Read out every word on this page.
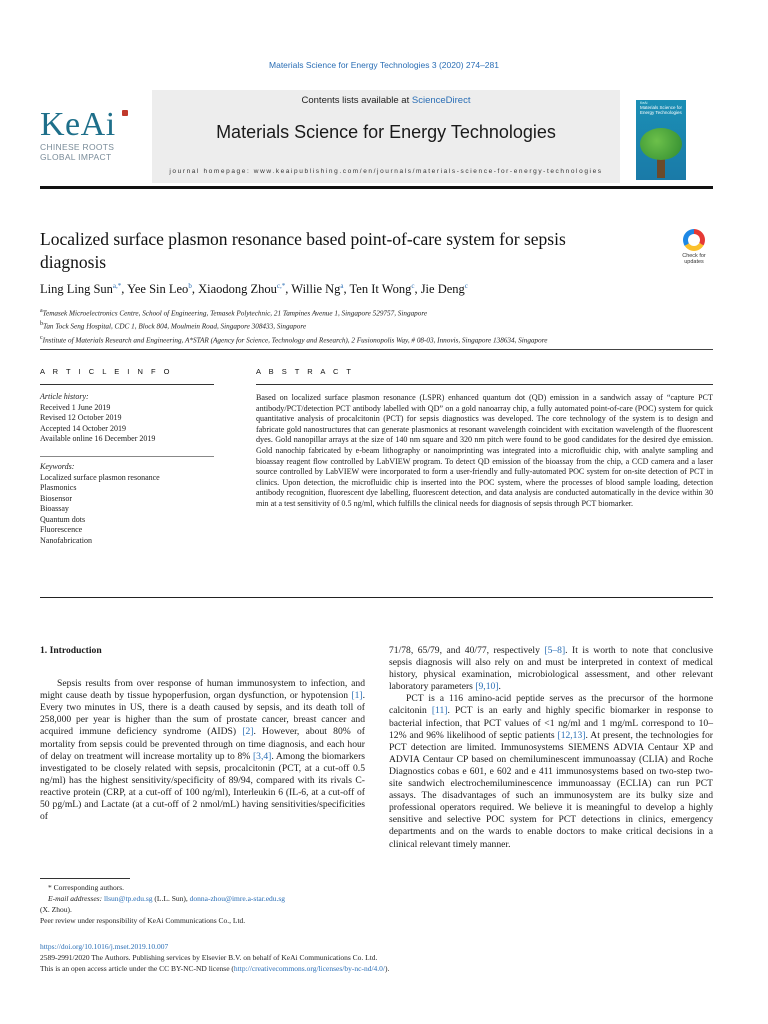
Materials Science for Energy Technologies 3 (2020) 274–281
KeAi
CHINESE ROOTS
GLOBAL IMPACT
Contents lists available at ScienceDirect
Materials Science for Energy Technologies
journal homepage: www.keaipublishing.com/en/journals/materials-science-for-energy-technologies
KeAi
Materials Science for Energy Technologies
Localized surface plasmon resonance based point-of-care system for sepsis diagnosis	Check for
updates
Ling Ling Sun$^{a,*}$, Yee Sin Leo$^b$, Xiaodong Zhou$^{c,*}$, Willie Ng$^a$, Ten It Wong$^c$, Jie Deng$^c$
$^a$Temasek Microelectronics Centre, School of Engineering, Temasek Polytechnic, 21 Tampines Avenue 1, Singapore 529757, Singapore
$^b$Tan Tock Seng Hospital, CDC 1, Block 804, Moulmein Road, Singapore 308433, Singapore
$^c$Institute of Materials Research and Engineering, A*STAR (Agency for Science, Technology and Research), 2 Fusionopolis Way, # 08-03, Innovis, Singapore 138634, Singapore
A R T I C L E I N F O	A B S T R A C T
Article history:
Received 1 June 2019
Revised 12 October 2019
Accepted 14 October 2019
Available online 16 December 2019
Keywords:
Localized surface plasmon resonance
Plasmonics
Biosensor
Bioassay
Quantum dots
Fluorescence
Nanofabrication
Based on localized surface plasmon resonance (LSPR) enhanced quantum dot (QD) emission in a sandwich assay of “capture PCT antibody/PCT/detection PCT antibody labelled with QD” on a gold nanoarray chip, a fully automated point-of-care (POC) system for quick quantitative analysis of procalcitonin (PCT) for sepsis diagnostics was developed. The core technology of the system is to design and fabricate gold nanostructures that can generate plasmonics at resonant wavelength coincident with excitation wavelength of the fluorescent dyes. Gold nanopillar arrays at the size of 140 nm square and 320 nm pitch were found to be good candidates for the desired dye emission. Gold nanochip fabricated by e-beam lithography or nanoimprinting was integrated into a microfluidic chip, with analyte sampling and bioassay reagent flow controlled by LabVIEW program. To detect QD emission of the bioassay from the chip, a CCD camera and a laser source controlled by LabVIEW were incorporated to form a user-friendly and fully-automated POC system for on-site detection of PCT in clinics. Upon detection, the microfluidic chip is inserted into the POC system, where the processes of blood sample loading, detection antibody recognition, fluorescent dye labelling, fluorescent detection, and data analysis are conducted automatically in the device within 30 min at a test sensitivity of 0.5 ng/ml, which fulfills the clinical needs for diagnosis of sepsis through PCT biomarker.
1. Introduction

Sepsis results from over response of human immunosystem to infection, and might cause death by tissue hypoperfusion, organ dysfunction, or hypotension [1]. Every two minutes in US, there is a death caused by sepsis, and its death toll of 258,000 per year is higher than the sum of prostate cancer, breast cancer and acquired immune deficiency syndrome (AIDS) [2]. However, about 80% of mortality from sepsis could be prevented through on time diagnosis, and each hour of delay on treatment will increase mortality up to 8% [3,4]. Among the biomarkers investigated to be closely related with sepsis, procalcitonin (PCT, at a cut-off 0.5 ng/ml) has the highest sensitivity/specificity of 89/94, compared with its rivals C-reactive protein (CRP, at a cut-off of 100 ng/ml), Interleukin 6 (IL-6, at a cut-off of 50 pg/mL) and Lactate (at a cut-off of 2 nmol/mL) having sensitivities/specificities of

71/78, 65/79, and 40/77, respectively [5–8]. It is worth to note that conclusive sepsis diagnosis will also rely on and must be interpreted in context of medical history, physical examination, microbiological assessment, and other relevant laboratory parameters [9,10].

PCT is a 116 amino-acid peptide serves as the precursor of the hormone calcitonin [11]. PCT is an early and highly specific biomarker in response to bacterial infection, that PCT values of <1 ng/ml and 1 mg/mL correspond to 10–12% and 96% likelihood of septic patients [12,13]. At present, the technologies for PCT detection are limited. Immunosystems SIEMENS ADVIA Centaur XP and ADVIA Centaur CP based on chemiluminescent immunoassay (CLIA) and Roche Diagnostics cobas e 601, e 602 and e 411 immunosystems based on two-step two-site sandwich electrochemiluminescence immunoassay (ECLIA) can run PCT assays. The disadvantages of such an immunosystem are its bulky size and professional operators required. We believe it is meaningful to develop a highly sensitive and selective POC system for PCT detections in clinics, emergency departments and on the wards to enable doctors to make critical decisions in a clinical relevant timely manner.

* Corresponding authors.
E-mail addresses: llsun@tp.edu.sg (L.L. Sun), donna-zhou@imre.a-star.edu.sg
(X. Zhou).
Peer review under responsibility of KeAi Communications Co., Ltd.
https://doi.org/10.1016/j.mset.2019.10.007
2589-2991/2020 The Authors. Publishing services by Elsevier B.V. on behalf of KeAi Communications Co. Ltd.
This is an open access article under the CC BY-NC-ND license (http://creativecommons.org/licenses/by-nc-nd/4.0/).
